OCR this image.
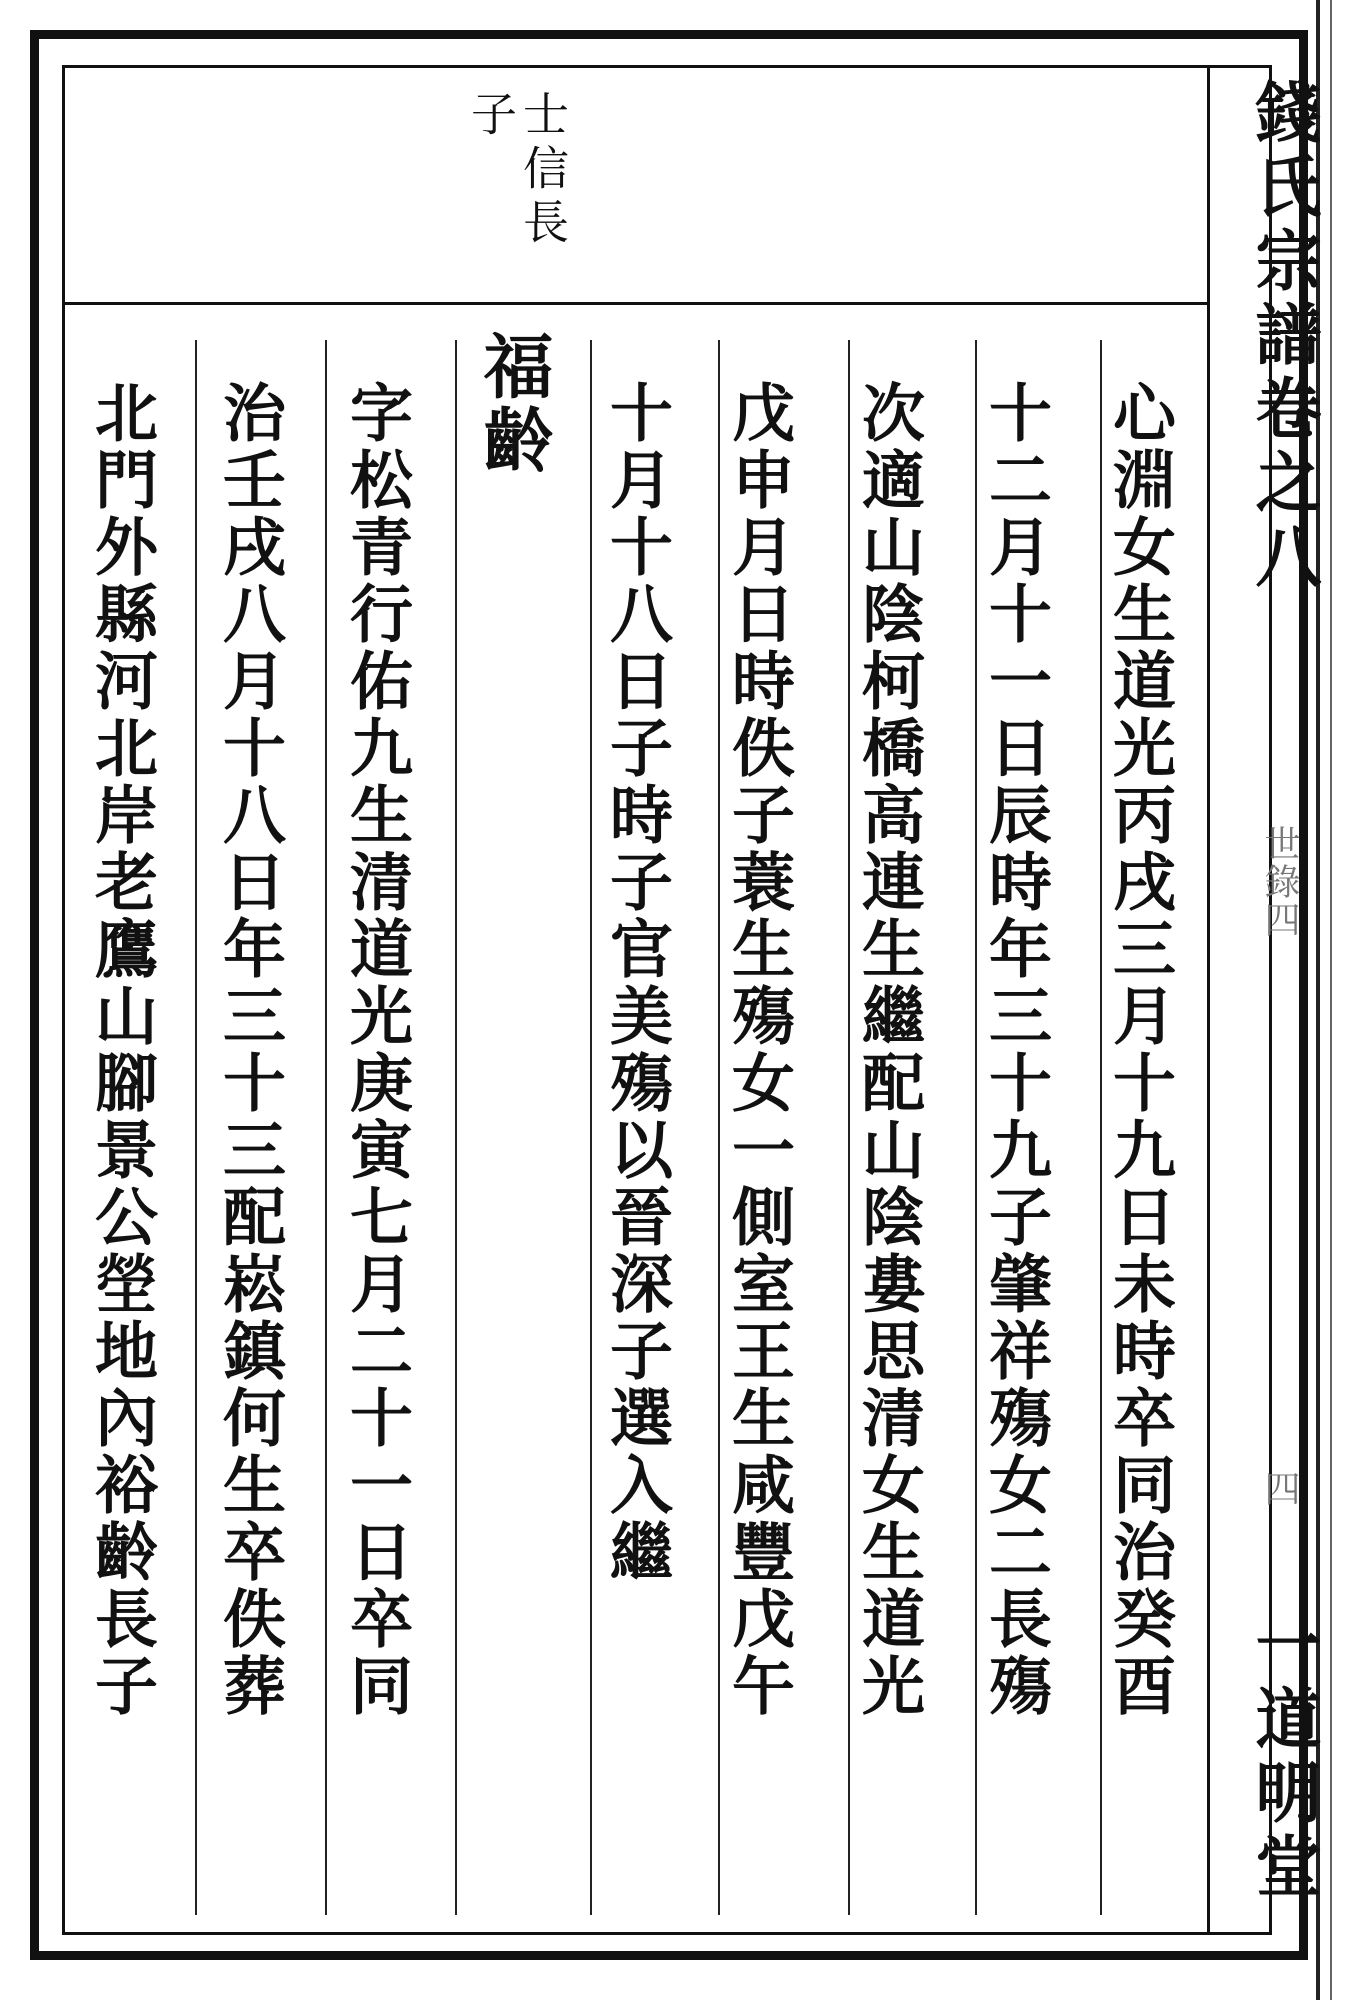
錢氏宗譜卷之八
世錄四
四
一道明堂
士信長
子
心淵女生道光丙戌三月十九日未時卒同治癸酉
十二月十一日辰時年三十九子肇祥殤女二長殤
次適山陰柯橋高連生繼配山陰婁思清女生道光
戊申月日時佚子蓑生殤女一側室王生咸豐戊午
十月十八日子時子官美殤以晉深子選入繼
福齡
字松青行佑九生清道光庚寅七月二十一日卒同
治壬戌八月十八日年三十三配崧鎮何生卒佚葬
北門外縣河北岸老鷹山腳景公塋地內裕齡長子
